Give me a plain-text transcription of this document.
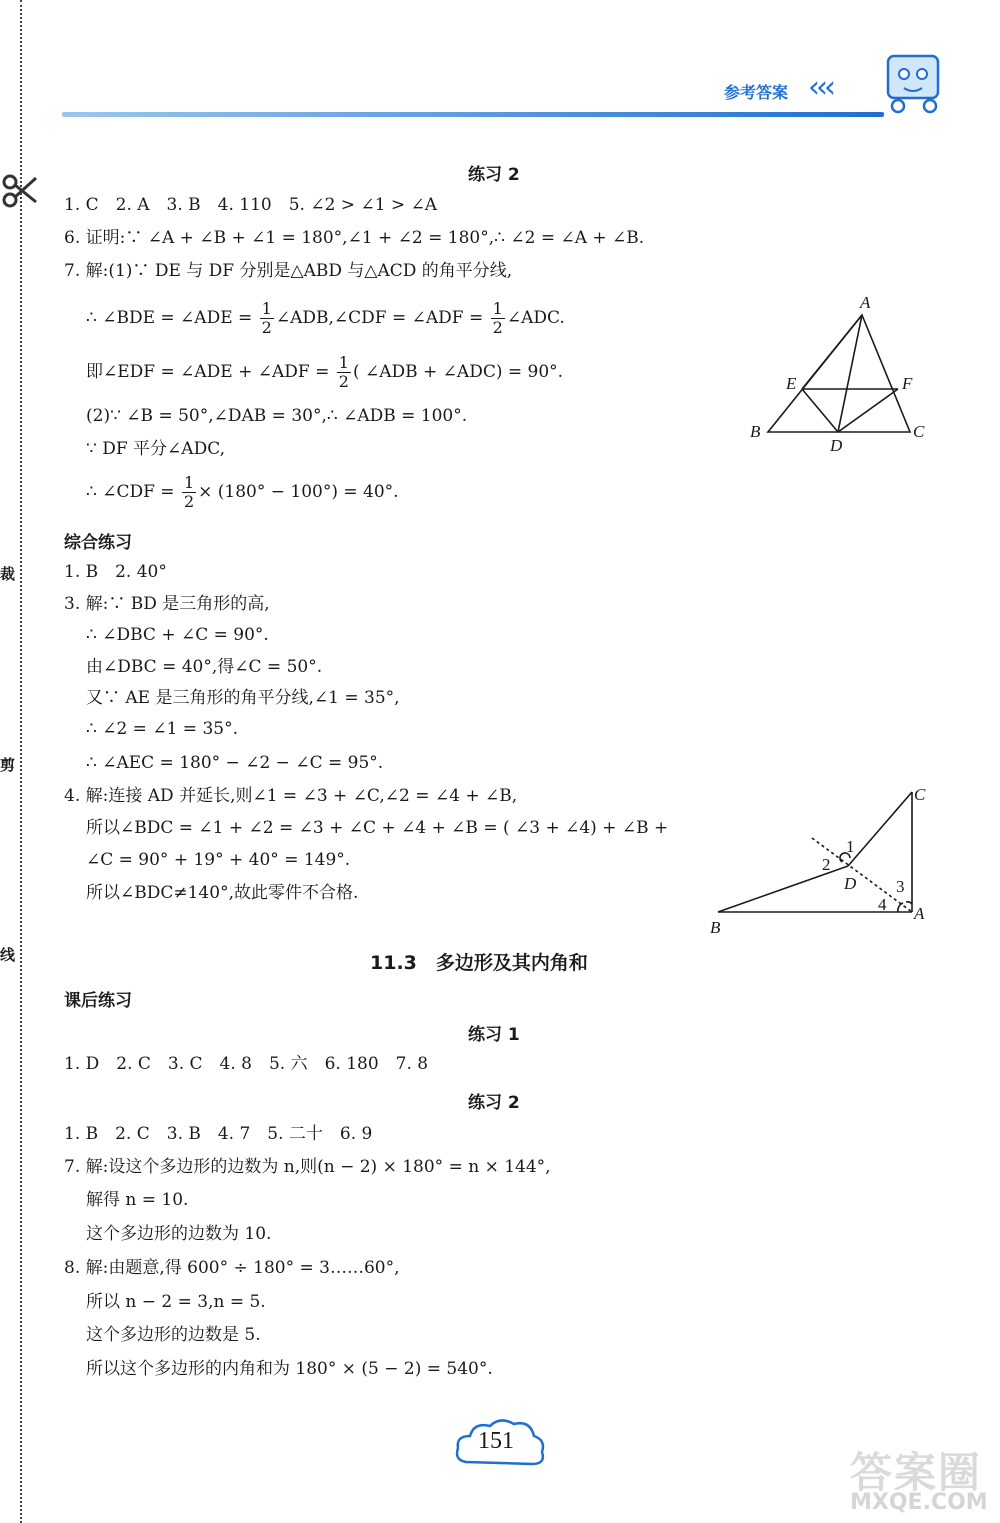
裁
剪
线
参考答案 ‹‹‹
练习 2
1. C　2. A　3. B　4. 110　5. ∠2 > ∠1 > ∠A
6. 证明:∵ ∠A + ∠B + ∠1 = 180°,∠1 + ∠2 = 180°,∴ ∠2 = ∠A + ∠B.
7. 解:(1)∵ DE 与 DF 分别是△ABD 与△ACD 的角平分线,
∴ ∠BDE = ∠ADE = $\frac{1}{2}$ ∠ADB,∠CDF = ∠ADF = $\frac{1}{2}$ ∠ADC.
即∠EDF = ∠ADE + ∠ADF = $\frac{1}{2}$ ( ∠ADB + ∠ADC) = 90°.
(2)∵ ∠B = 50°,∠DAB = 30°,∴ ∠ADB = 100°.
∵ DF 平分∠ADC,
∴ ∠CDF = $\frac{1}{2} \times (180^\circ - 100^\circ) = 40^\circ$.
A
B	C
D
E	F
综合练习
1. B　2. 40°
3. 解:∵ BD 是三角形的高,
∴ ∠DBC + ∠C = 90°.
由∠DBC = 40°,得∠C = 50°.
又∵ AE 是三角形的角平分线,∠1 = 35°,
∴ ∠2 = ∠1 = 35°.
∴ ∠AEC = 180° − ∠2 − ∠C = 95°.
4. 解:连接 AD 并延长,则∠1 = ∠3 + ∠C,∠2 = ∠4 + ∠B,
所以∠BDC = ∠1 + ∠2 = ∠3 + ∠C + ∠4 + ∠B = ( ∠3 + ∠4) + ∠B +
∠C = 90° + 19° + 40° = 149°.
所以∠BDC≠140°,故此零件不合格.
C
B
A
D
1
2
3
4
11.3　多边形及其内角和
课后练习
练习 1
1. D　2. C　3. C　4. 8　5. 六　6. 180　7. 8
练习 2
1. B　2. C　3. B　4. 7　5. 二十　6. 9
7. 解:设这个多边形的边数为 n,则(n − 2) × 180° = n × 144°,
解得 n = 10.
这个多边形的边数为 10.
8. 解:由题意,得 600° ÷ 180° = 3……60°,
所以 n − 2 = 3,n = 5.
这个多边形的边数是 5.
所以这个多边形的内角和为 180° × (5 − 2) = 540°.
151
答案圈
MXQE.COM
